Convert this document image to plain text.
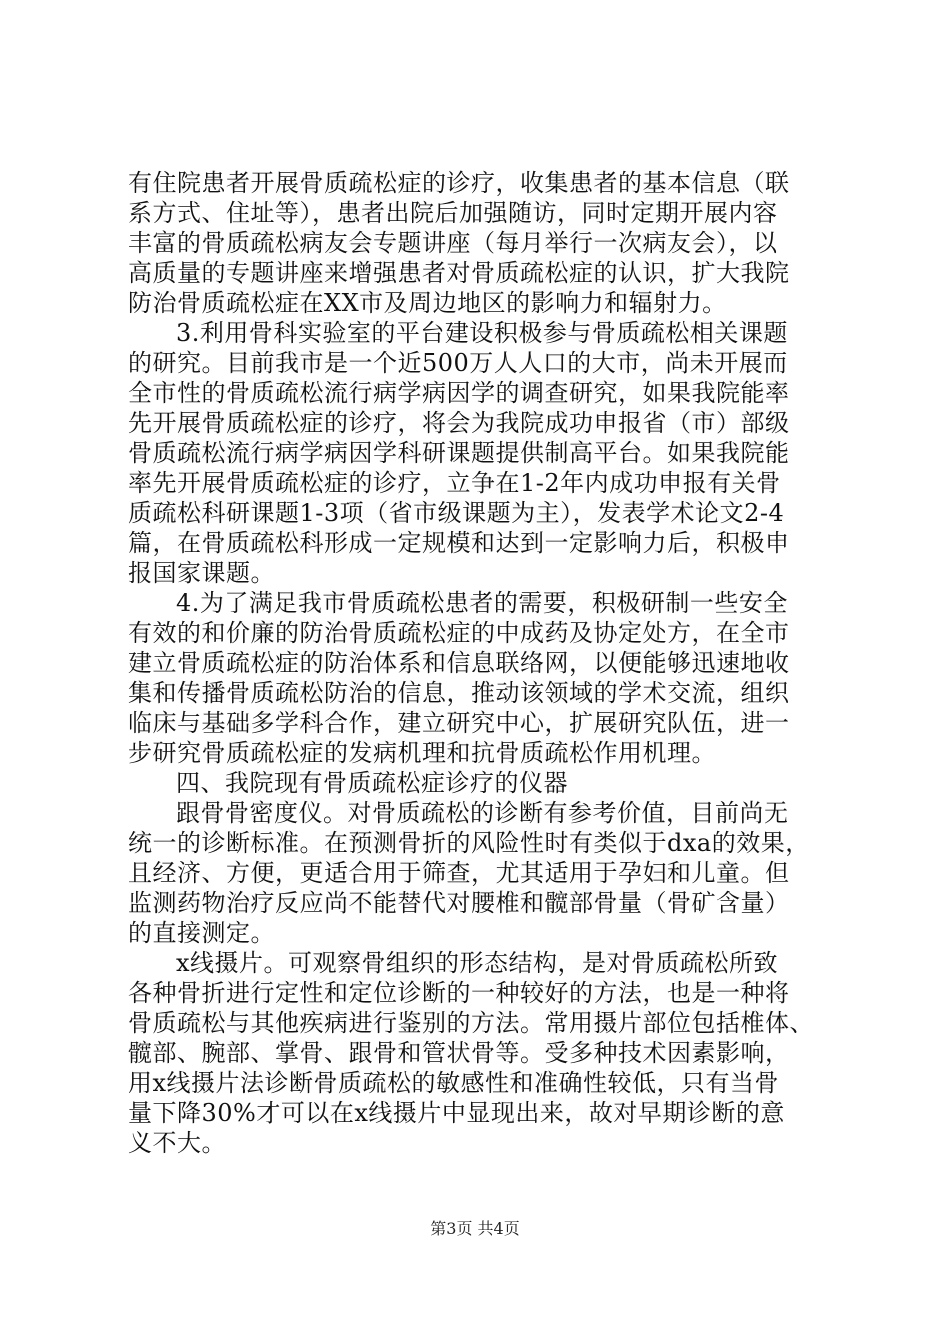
有住院患者开展骨质疏松症的诊疗，收集患者的基本信息（联
系方式、住址等），患者出院后加强随访，同时定期开展内容
丰富的骨质疏松病友会专题讲座（每月举行一次病友会），以
高质量的专题讲座来增强患者对骨质疏松症的认识，扩大我院
防治骨质疏松症在XX市及周边地区的影响力和辐射力。
3.利用骨科实验室的平台建设积极参与骨质疏松相关课题
的研究。目前我市是一个近500万人人口的大市，尚未开展而
全市性的骨质疏松流行病学病因学的调查研究，如果我院能率
先开展骨质疏松症的诊疗，将会为我院成功申报省（市）部级
骨质疏松流行病学病因学科研课题提供制高平台。如果我院能
率先开展骨质疏松症的诊疗，立争在1-2年内成功申报有关骨
质疏松科研课题1-3项（省市级课题为主），发表学术论文2-4
篇，在骨质疏松科形成一定规模和达到一定影响力后，积极申
报国家课题。
4.为了满足我市骨质疏松患者的需要，积极研制一些安全
有效的和价廉的防治骨质疏松症的中成药及协定处方，在全市
建立骨质疏松症的防治体系和信息联络网，以便能够迅速地收
集和传播骨质疏松防治的信息，推动该领域的学术交流，组织
临床与基础多学科合作，建立研究中心，扩展研究队伍，进一
步研究骨质疏松症的发病机理和抗骨质疏松作用机理。
四、我院现有骨质疏松症诊疗的仪器
跟骨骨密度仪。对骨质疏松的诊断有参考价值，目前尚无
统一的诊断标准。在预测骨折的风险性时有类似于dxa的效果，
且经济、方便，更适合用于筛查，尤其适用于孕妇和儿童。但
监测药物治疗反应尚不能替代对腰椎和髋部骨量（骨矿含量）
的直接测定。
x线摄片。可观察骨组织的形态结构，是对骨质疏松所致
各种骨折进行定性和定位诊断的一种较好的方法，也是一种将
骨质疏松与其他疾病进行鉴别的方法。常用摄片部位包括椎体、
髋部、腕部、掌骨、跟骨和管状骨等。受多种技术因素影响，
用x线摄片法诊断骨质疏松的敏感性和准确性较低，只有当骨
量下降30%才可以在x线摄片中显现出来，故对早期诊断的意
义不大。
第3页 共4页
